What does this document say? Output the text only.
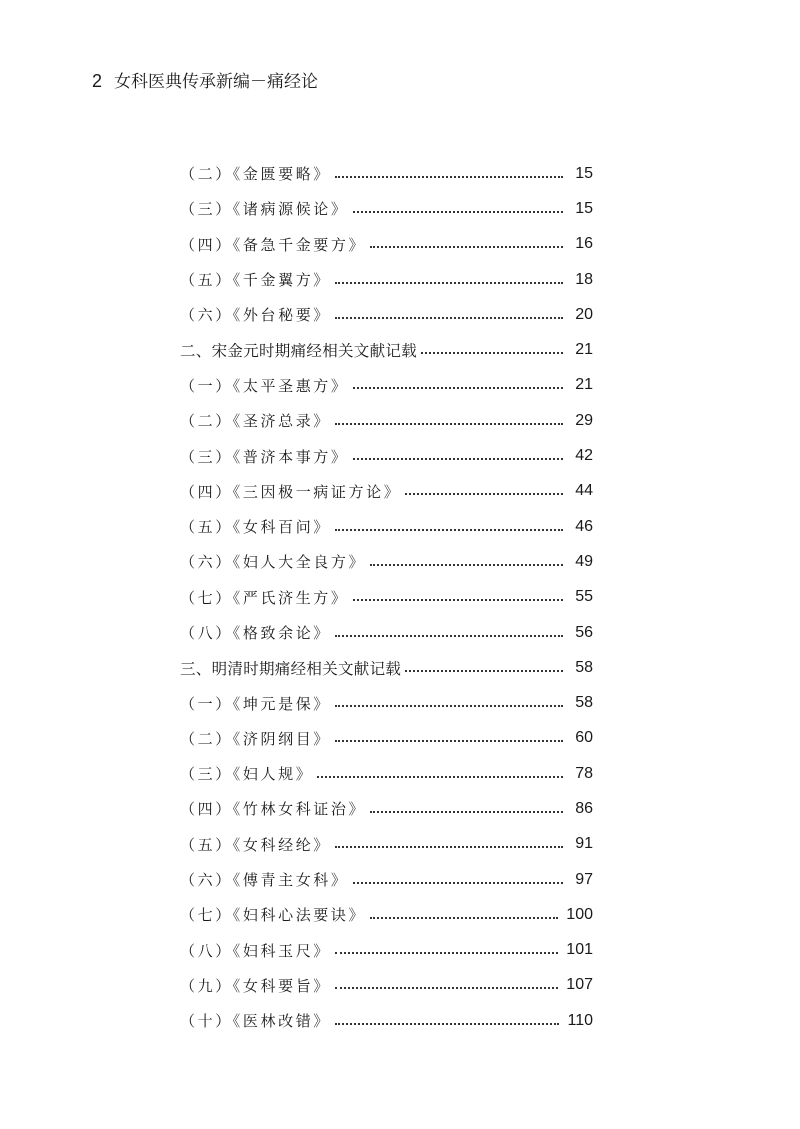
2 女科医典传承新编－痛经论
（二）《金匮要略》	15
（三）《诸病源候论》	15
（四）《备急千金要方》	16
（五）《千金翼方》	18
（六）《外台秘要》	20
二、宋金元时期痛经相关文献记载	21
（一）《太平圣惠方》	21
（二）《圣济总录》	29
（三）《普济本事方》	42
（四）《三因极一病证方论》	44
（五）《女科百问》	46
（六）《妇人大全良方》	49
（七）《严氏济生方》	55
（八）《格致余论》	56
三、明清时期痛经相关文献记载	58
（一）《坤元是保》	58
（二）《济阴纲目》	60
（三）《妇人规》	78
（四）《竹林女科证治》	86
（五）《女科经纶》	91
（六）《傅青主女科》	97
（七）《妇科心法要诀》	100
（八）《妇科玉尺》	101
（九）《女科要旨》	107
（十）《医林改错》	110
